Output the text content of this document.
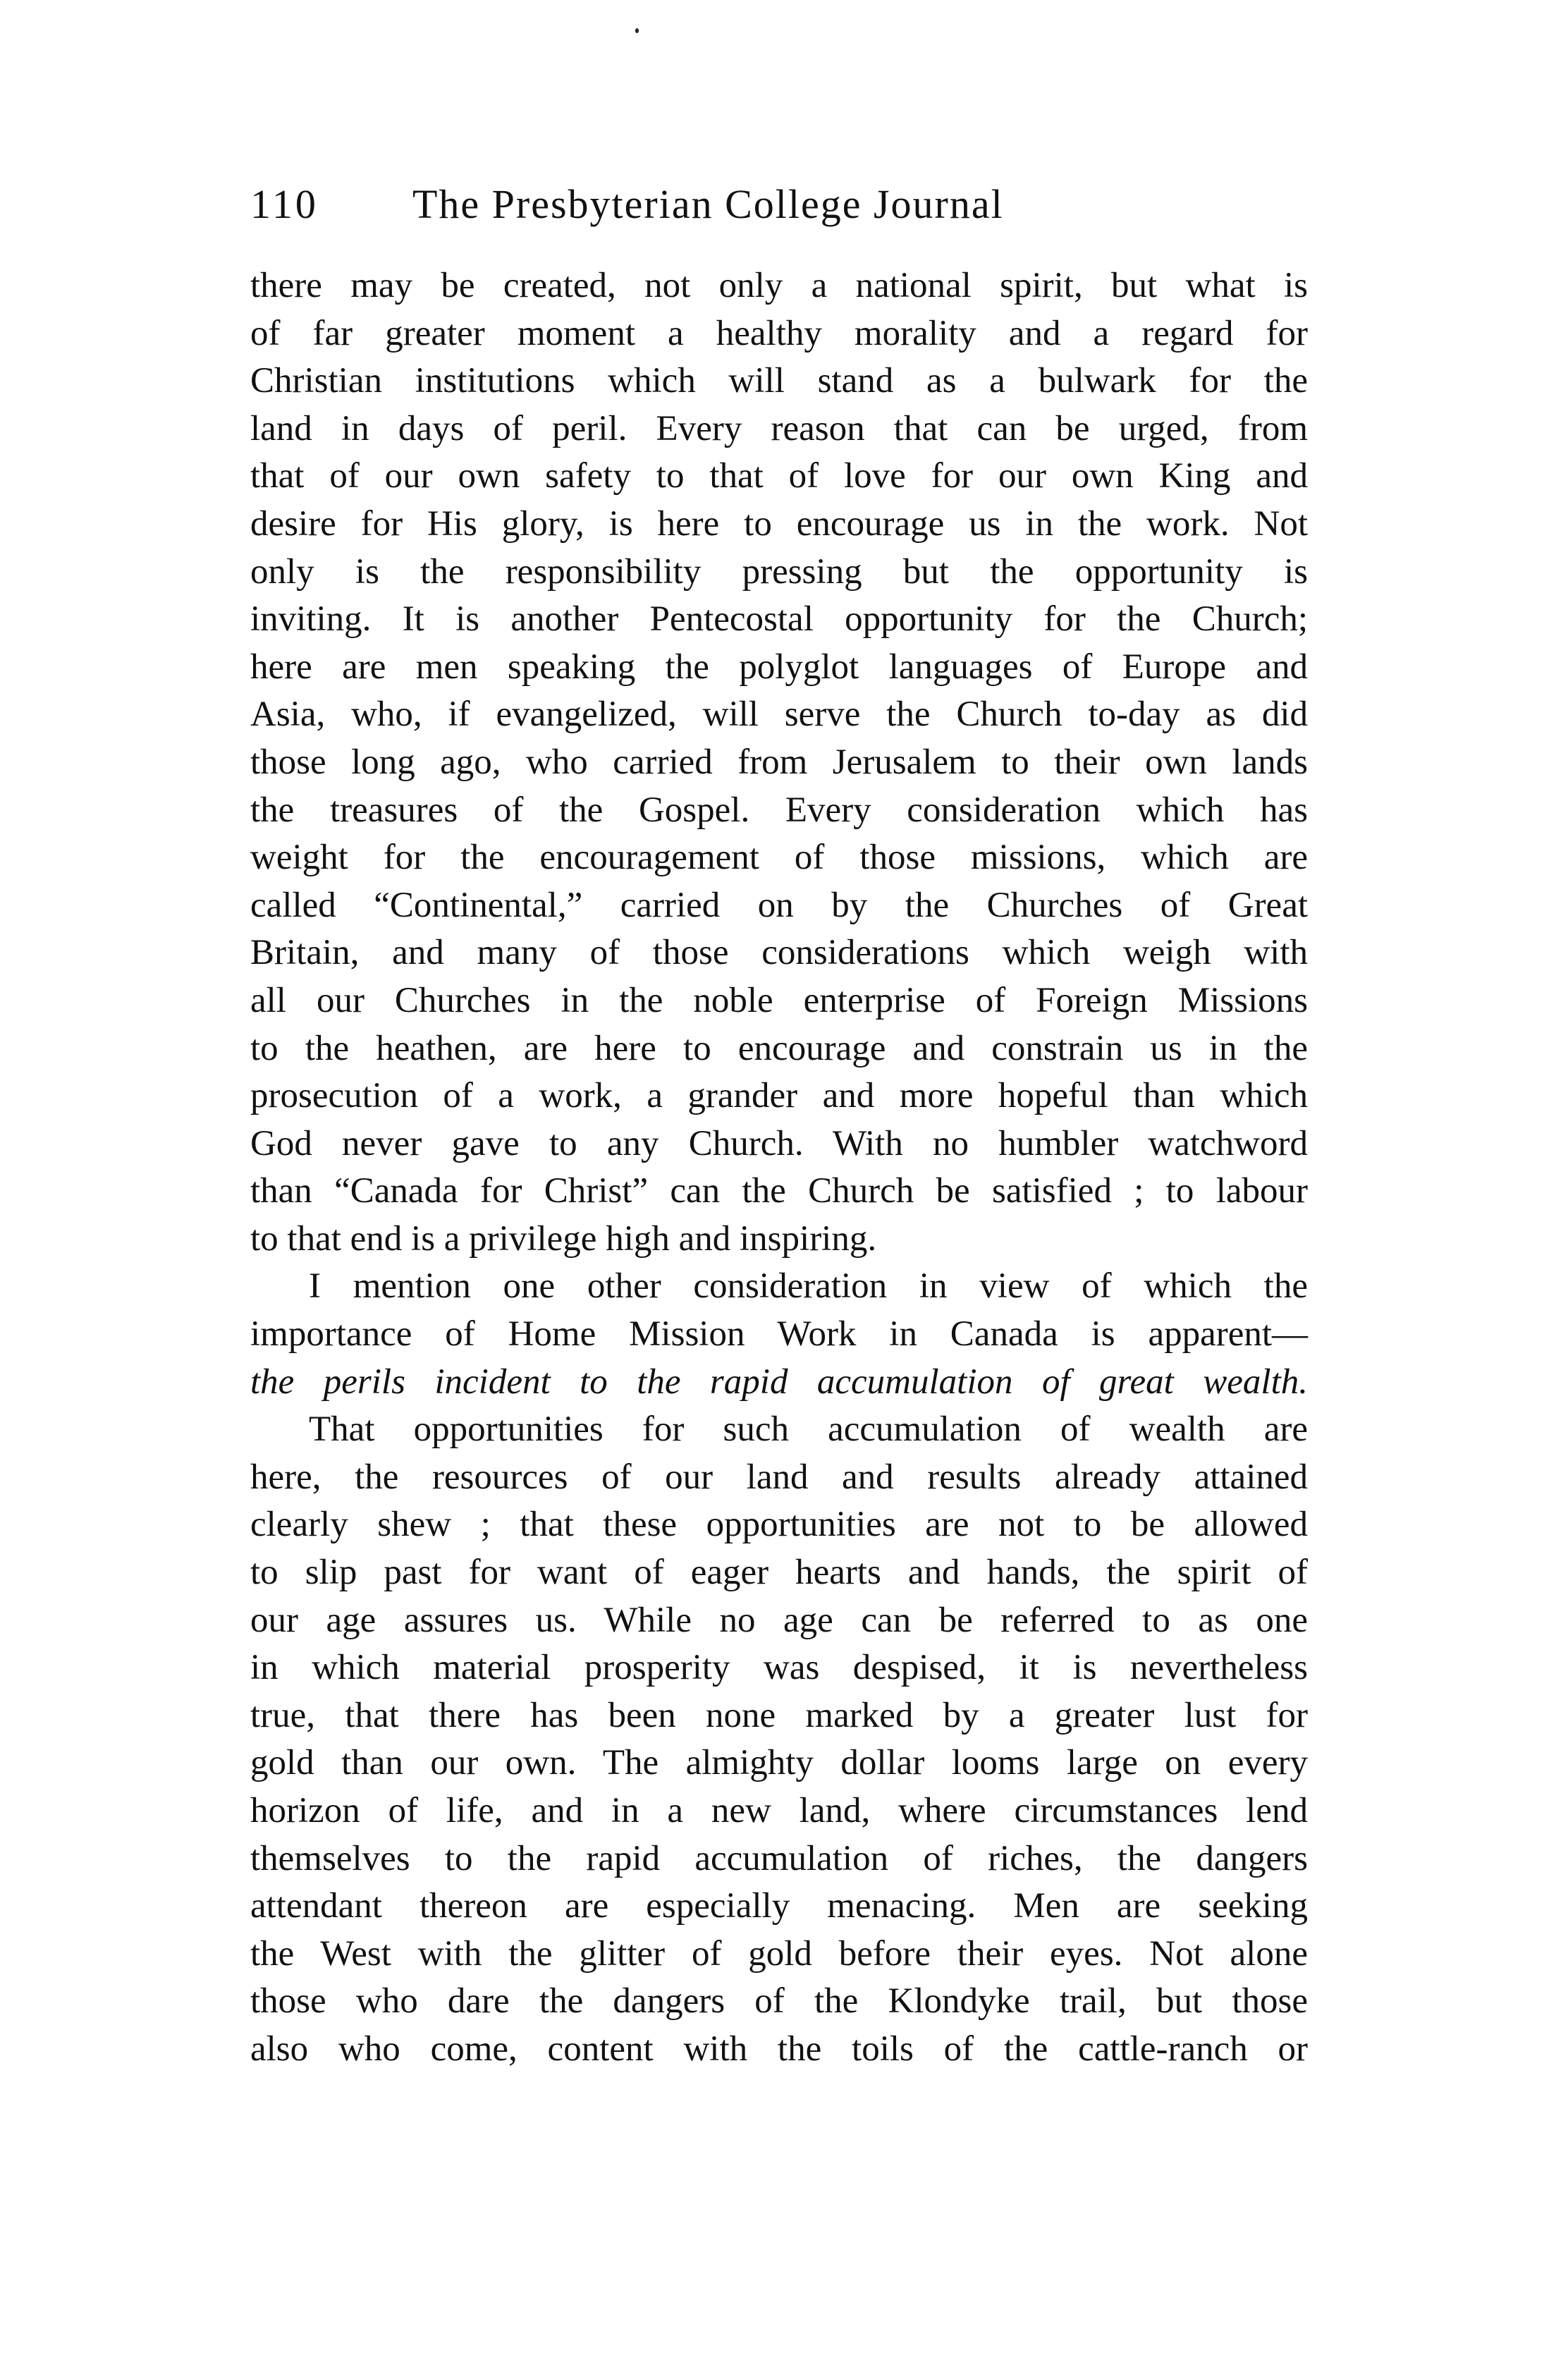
110 The Presbyterian College Journal
there may be created, not only a national spirit, but what is
of far greater moment a healthy morality and a regard for
Christian institutions which will stand as a bulwark for the
land in days of peril. Every reason that can be urged, from
that of our own safety to that of love for our own King and
desire for His glory, is here to encourage us in the work. Not
only is the responsibility pressing but the opportunity is
inviting. It is another Pentecostal opportunity for the Church;
here are men speaking the polyglot languages of Europe and
Asia, who, if evangelized, will serve the Church to-day as did
those long ago, who carried from Jerusalem to their own lands
the treasures of the Gospel. Every consideration which has
weight for the encouragement of those missions, which are
called “Continental,” carried on by the Churches of Great
Britain, and many of those considerations which weigh with
all our Churches in the noble enterprise of Foreign Missions
to the heathen, are here to encourage and constrain us in the
prosecution of a work, a grander and more hopeful than which
God never gave to any Church. With no humbler watchword
than “Canada for Christ” can the Church be satisfied ; to labour
to that end is a privilege high and inspiring.
I mention one other consideration in view of which the
importance of Home Mission Work in Canada is apparent—
the perils incident to the rapid accumulation of great wealth.
That opportunities for such accumulation of wealth are
here, the resources of our land and results already attained
clearly shew ; that these opportunities are not to be allowed
to slip past for want of eager hearts and hands, the spirit of
our age assures us. While no age can be referred to as one
in which material prosperity was despised, it is nevertheless
true, that there has been none marked by a greater lust for
gold than our own. The almighty dollar looms large on every
horizon of life, and in a new land, where circumstances lend
themselves to the rapid accumulation of riches, the dangers
attendant thereon are especially menacing. Men are seeking
the West with the glitter of gold before their eyes. Not alone
those who dare the dangers of the Klondyke trail, but those
also who come, content with the toils of the cattle-ranch or
